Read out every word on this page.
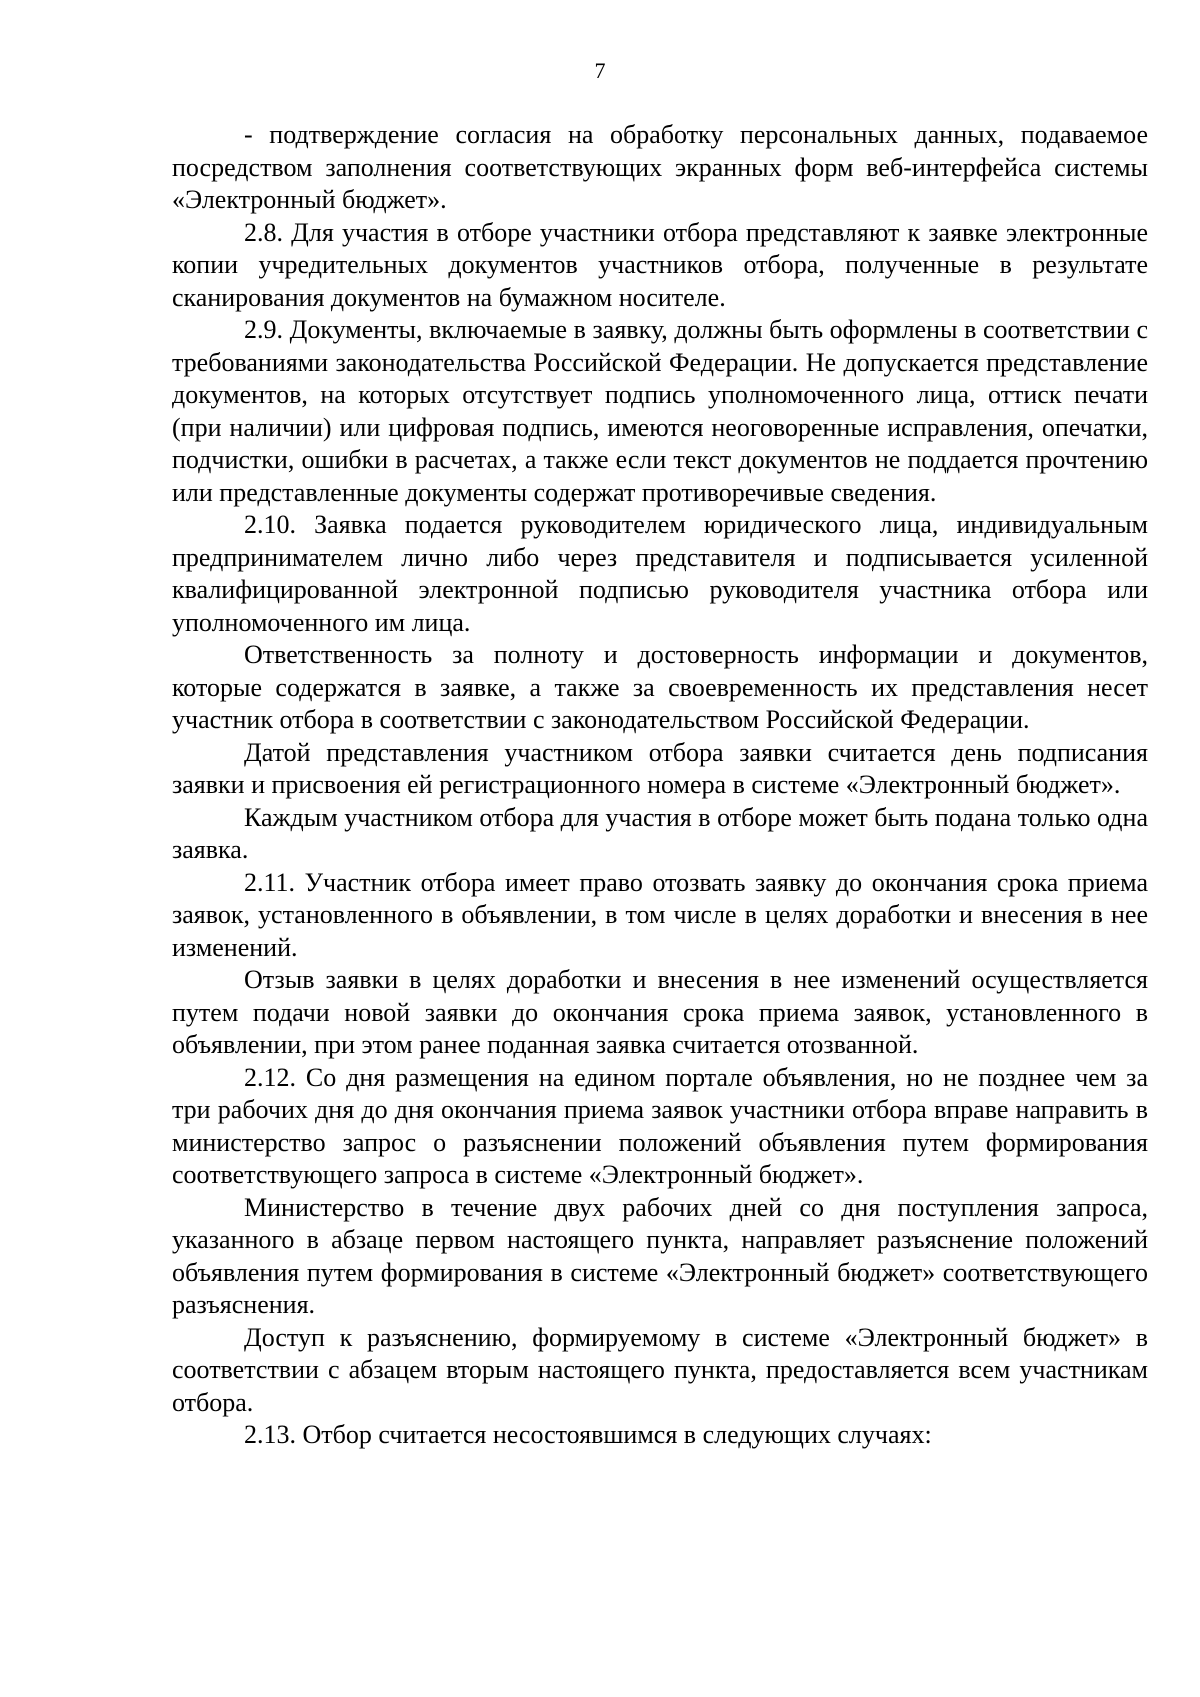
7

- подтверждение согласия на обработку персональных данных, подаваемое посредством заполнения соответствующих экранных форм веб-интерфейса системы «Электронный бюджет».

2.8. Для участия в отборе участники отбора представляют к заявке электронные копии учредительных документов участников отбора, полученные в результате сканирования документов на бумажном носителе.

2.9. Документы, включаемые в заявку, должны быть оформлены в соответствии с требованиями законодательства Российской Федерации. Не допускается представление документов, на которых отсутствует подпись уполномоченного лица, оттиск печати (при наличии) или цифровая подпись, имеются неоговоренные исправления, опечатки, подчистки, ошибки в расчетах, а также если текст документов не поддается прочтению или представленные документы содержат противоречивые сведения.

2.10. Заявка подается руководителем юридического лица, индивидуальным предпринимателем лично либо через представителя и подписывается усиленной квалифицированной электронной подписью руководителя участника отбора или уполномоченного им лица.

Ответственность за полноту и достоверность информации и документов, которые содержатся в заявке, а также за своевременность их представления несет участник отбора в соответствии с законодательством Российской Федерации.

Датой представления участником отбора заявки считается день подписания заявки и присвоения ей регистрационного номера в системе «Электронный бюджет».

Каждым участником отбора для участия в отборе может быть подана только одна заявка.

2.11. Участник отбора имеет право отозвать заявку до окончания срока приема заявок, установленного в объявлении, в том числе в целях доработки и внесения в нее изменений.

Отзыв заявки в целях доработки и внесения в нее изменений осуществляется путем подачи новой заявки до окончания срока приема заявок, установленного в объявлении, при этом ранее поданная заявка считается отозванной.

2.12. Со дня размещения на едином портале объявления, но не позднее чем за три рабочих дня до дня окончания приема заявок участники отбора вправе направить в министерство запрос о разъяснении положений объявления путем формирования соответствующего запроса в системе «Электронный бюджет».

Министерство в течение двух рабочих дней со дня поступления запроса, указанного в абзаце первом настоящего пункта, направляет разъяснение положений объявления путем формирования в системе «Электронный бюджет» соответствующего разъяснения.

Доступ к разъяснению, формируемому в системе «Электронный бюджет» в соответствии с абзацем вторым настоящего пункта, предоставляется всем участникам отбора.

2.13. Отбор считается несостоявшимся в следующих случаях:
